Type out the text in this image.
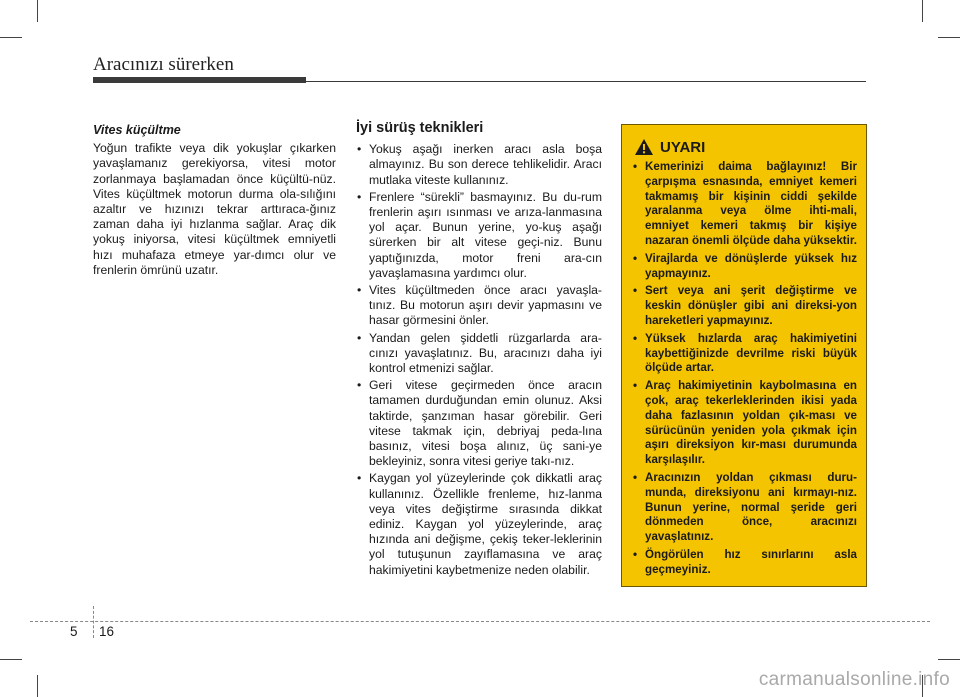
Aracınızı sürerken
Vites küçültme

Yoğun trafikte veya dik yokuşlar çıkarken yavaşlamanız gerekiyorsa, vitesi motor zorlanmaya başlamadan önce küçültü-nüz. Vites küçültmek motorun durma ola-sılığını azaltır ve hızınızı tekrar arttıraca-ğınız zaman daha iyi hızlanma sağlar. Araç dik yokuş iniyorsa, vitesi küçültmek emniyetli hızı muhafaza etmeye yar-dımcı olur ve frenlerin ömrünü uzatır.

İyi sürüş teknikleri
• Yokuş aşağı inerken aracı asla boşa almayınız. Bu son derece tehlikelidir. Aracı mutlaka viteste kullanınız.
• Frenlere “sürekli” basmayınız. Bu du-rum frenlerin aşırı ısınması ve arıza-lanmasına yol açar. Bunun yerine, yo-kuş aşağı sürerken bir alt vitese geçi-niz. Bunu yaptığınızda, motor freni ara-cın yavaşlamasına yardımcı olur.
• Vites küçültmeden önce aracı yavaşla-tınız. Bu motorun aşırı devir yapmasını ve hasar görmesini önler.
• Yandan gelen şiddetli rüzgarlarda ara-cınızı yavaşlatınız. Bu, aracınızı daha iyi kontrol etmenizi sağlar.
• Geri vitese geçirmeden önce aracın tamamen durduğundan emin olunuz. Aksi taktirde, şanzıman hasar görebilir. Geri vitese takmak için, debriyaj peda-lına basınız, vitesi boşa alınız, üç sani-ye bekleyiniz, sonra vitesi geriye takı-nız.
• Kaygan yol yüzeylerinde çok dikkatli araç kullanınız. Özellikle frenleme, hız-lanma veya vites değiştirme sırasında dikkat ediniz. Kaygan yol yüzeylerinde, araç hızında ani değişme, çekiş teker-leklerinin yol tutuşunun zayıflamasına ve araç hakimiyetini kaybetmenize neden olabilir.
UYARI
• Kemerinizi daima bağlayınız! Bir çarpışma esnasında, emniyet kemeri takmamış bir kişinin ciddi şekilde yaralanma veya ölme ihti-mali, emniyet kemeri takmış bir kişiye nazaran önemli ölçüde daha yüksektir.
• Virajlarda ve dönüşlerde yüksek hız yapmayınız.
• Sert veya ani şerit değiştirme ve keskin dönüşler gibi ani direksi-yon hareketleri yapmayınız.
• Yüksek hızlarda araç hakimiyetini kaybettiğinizde devrilme riski büyük ölçüde artar.
• Araç hakimiyetinin kaybolmasına en çok, araç tekerleklerinden ikisi yada daha fazlasının yoldan çık-ması ve sürücünün yeniden yola çıkmak için aşırı direksiyon kır-ması durumunda karşılaşılır.
• Aracınızın yoldan çıkması duru-munda, direksiyonu ani kırmayı-nız. Bunun yerine, normal şeride geri dönmeden önce, aracınızı yavaşlatınız.
• Öngörülen hız sınırlarını asla geçmeyiniz.
5 16
carmanualsonline.info
